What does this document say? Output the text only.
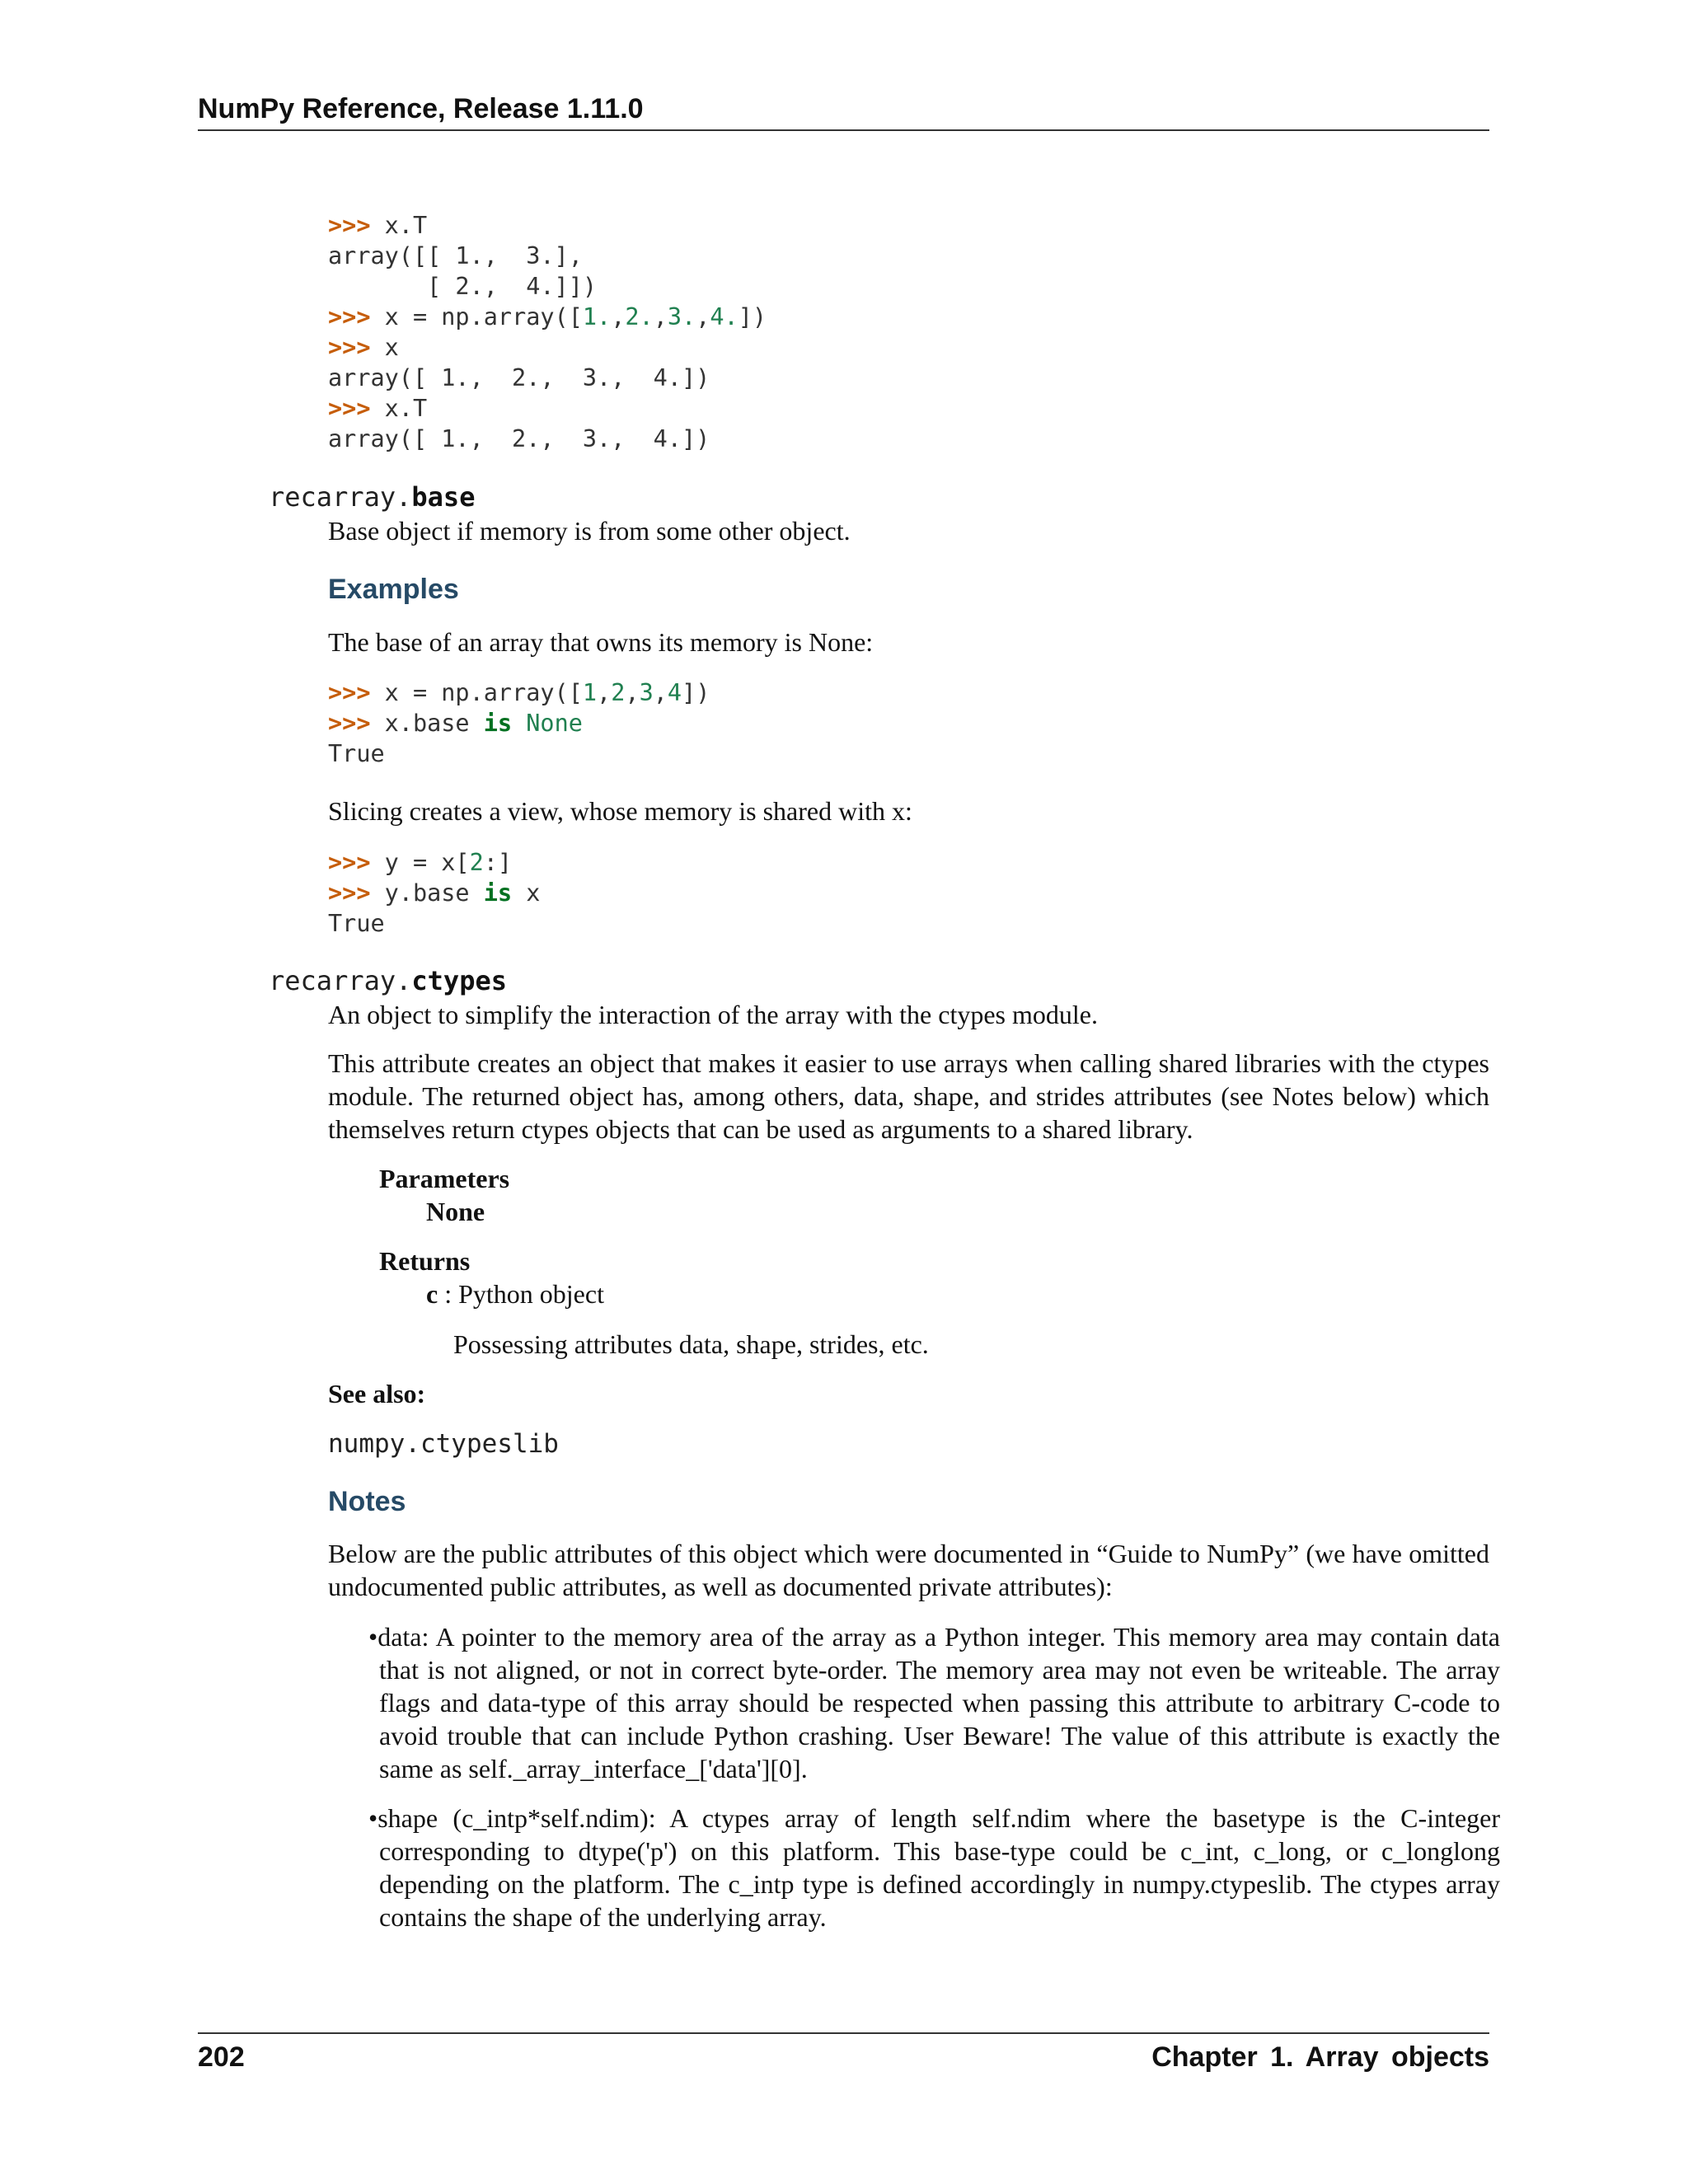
NumPy Reference, Release 1.11.0
>>> x.T
array([[ 1.,  3.],
[ 2.,  4.]])
>>> x = np.array([1.,2.,3.,4.])
>>> x
array([ 1.,  2.,  3.,  4.])
>>> x.T
array([ 1.,  2.,  3.,  4.])
recarray.base
Base object if memory is from some other object.
Examples
The base of an array that owns its memory is None:
>>> x = np.array([1,2,3,4])
>>> x.base is None
True
Slicing creates a view, whose memory is shared with x:
>>> y = x[2:]
>>> y.base is x
True
recarray.ctypes
An object to simplify the interaction of the array with the ctypes module.
This attribute creates an object that makes it easier to use arrays when calling shared libraries with the ctypes module. The returned object has, among others, data, shape, and strides attributes (see Notes below) which themselves return ctypes objects that can be used as arguments to a shared library.
Parameters
None
Returns
c : Python object
Possessing attributes data, shape, strides, etc.
See also:
numpy.ctypeslib
Notes
Below are the public attributes of this object which were documented in “Guide to NumPy” (we have omitted undocumented public attributes, as well as documented private attributes):
•data: A pointer to the memory area of the array as a Python integer. This memory area may contain data that is not aligned, or not in correct byte-order. The memory area may not even be writeable. The array flags and data-type of this array should be respected when passing this attribute to arbitrary C-code to avoid trouble that can include Python crashing. User Beware! The value of this attribute is exactly the same as self._array_interface_['data'][0].
•shape (c_intp*self.ndim): A ctypes array of length self.ndim where the basetype is the C-integer corresponding to dtype('p') on this platform. This base-type could be c_int, c_long, or c_longlong depending on the platform. The c_intp type is defined accordingly in numpy.ctypeslib. The ctypes array contains the shape of the underlying array.
202	Chapter 1. Array objects
